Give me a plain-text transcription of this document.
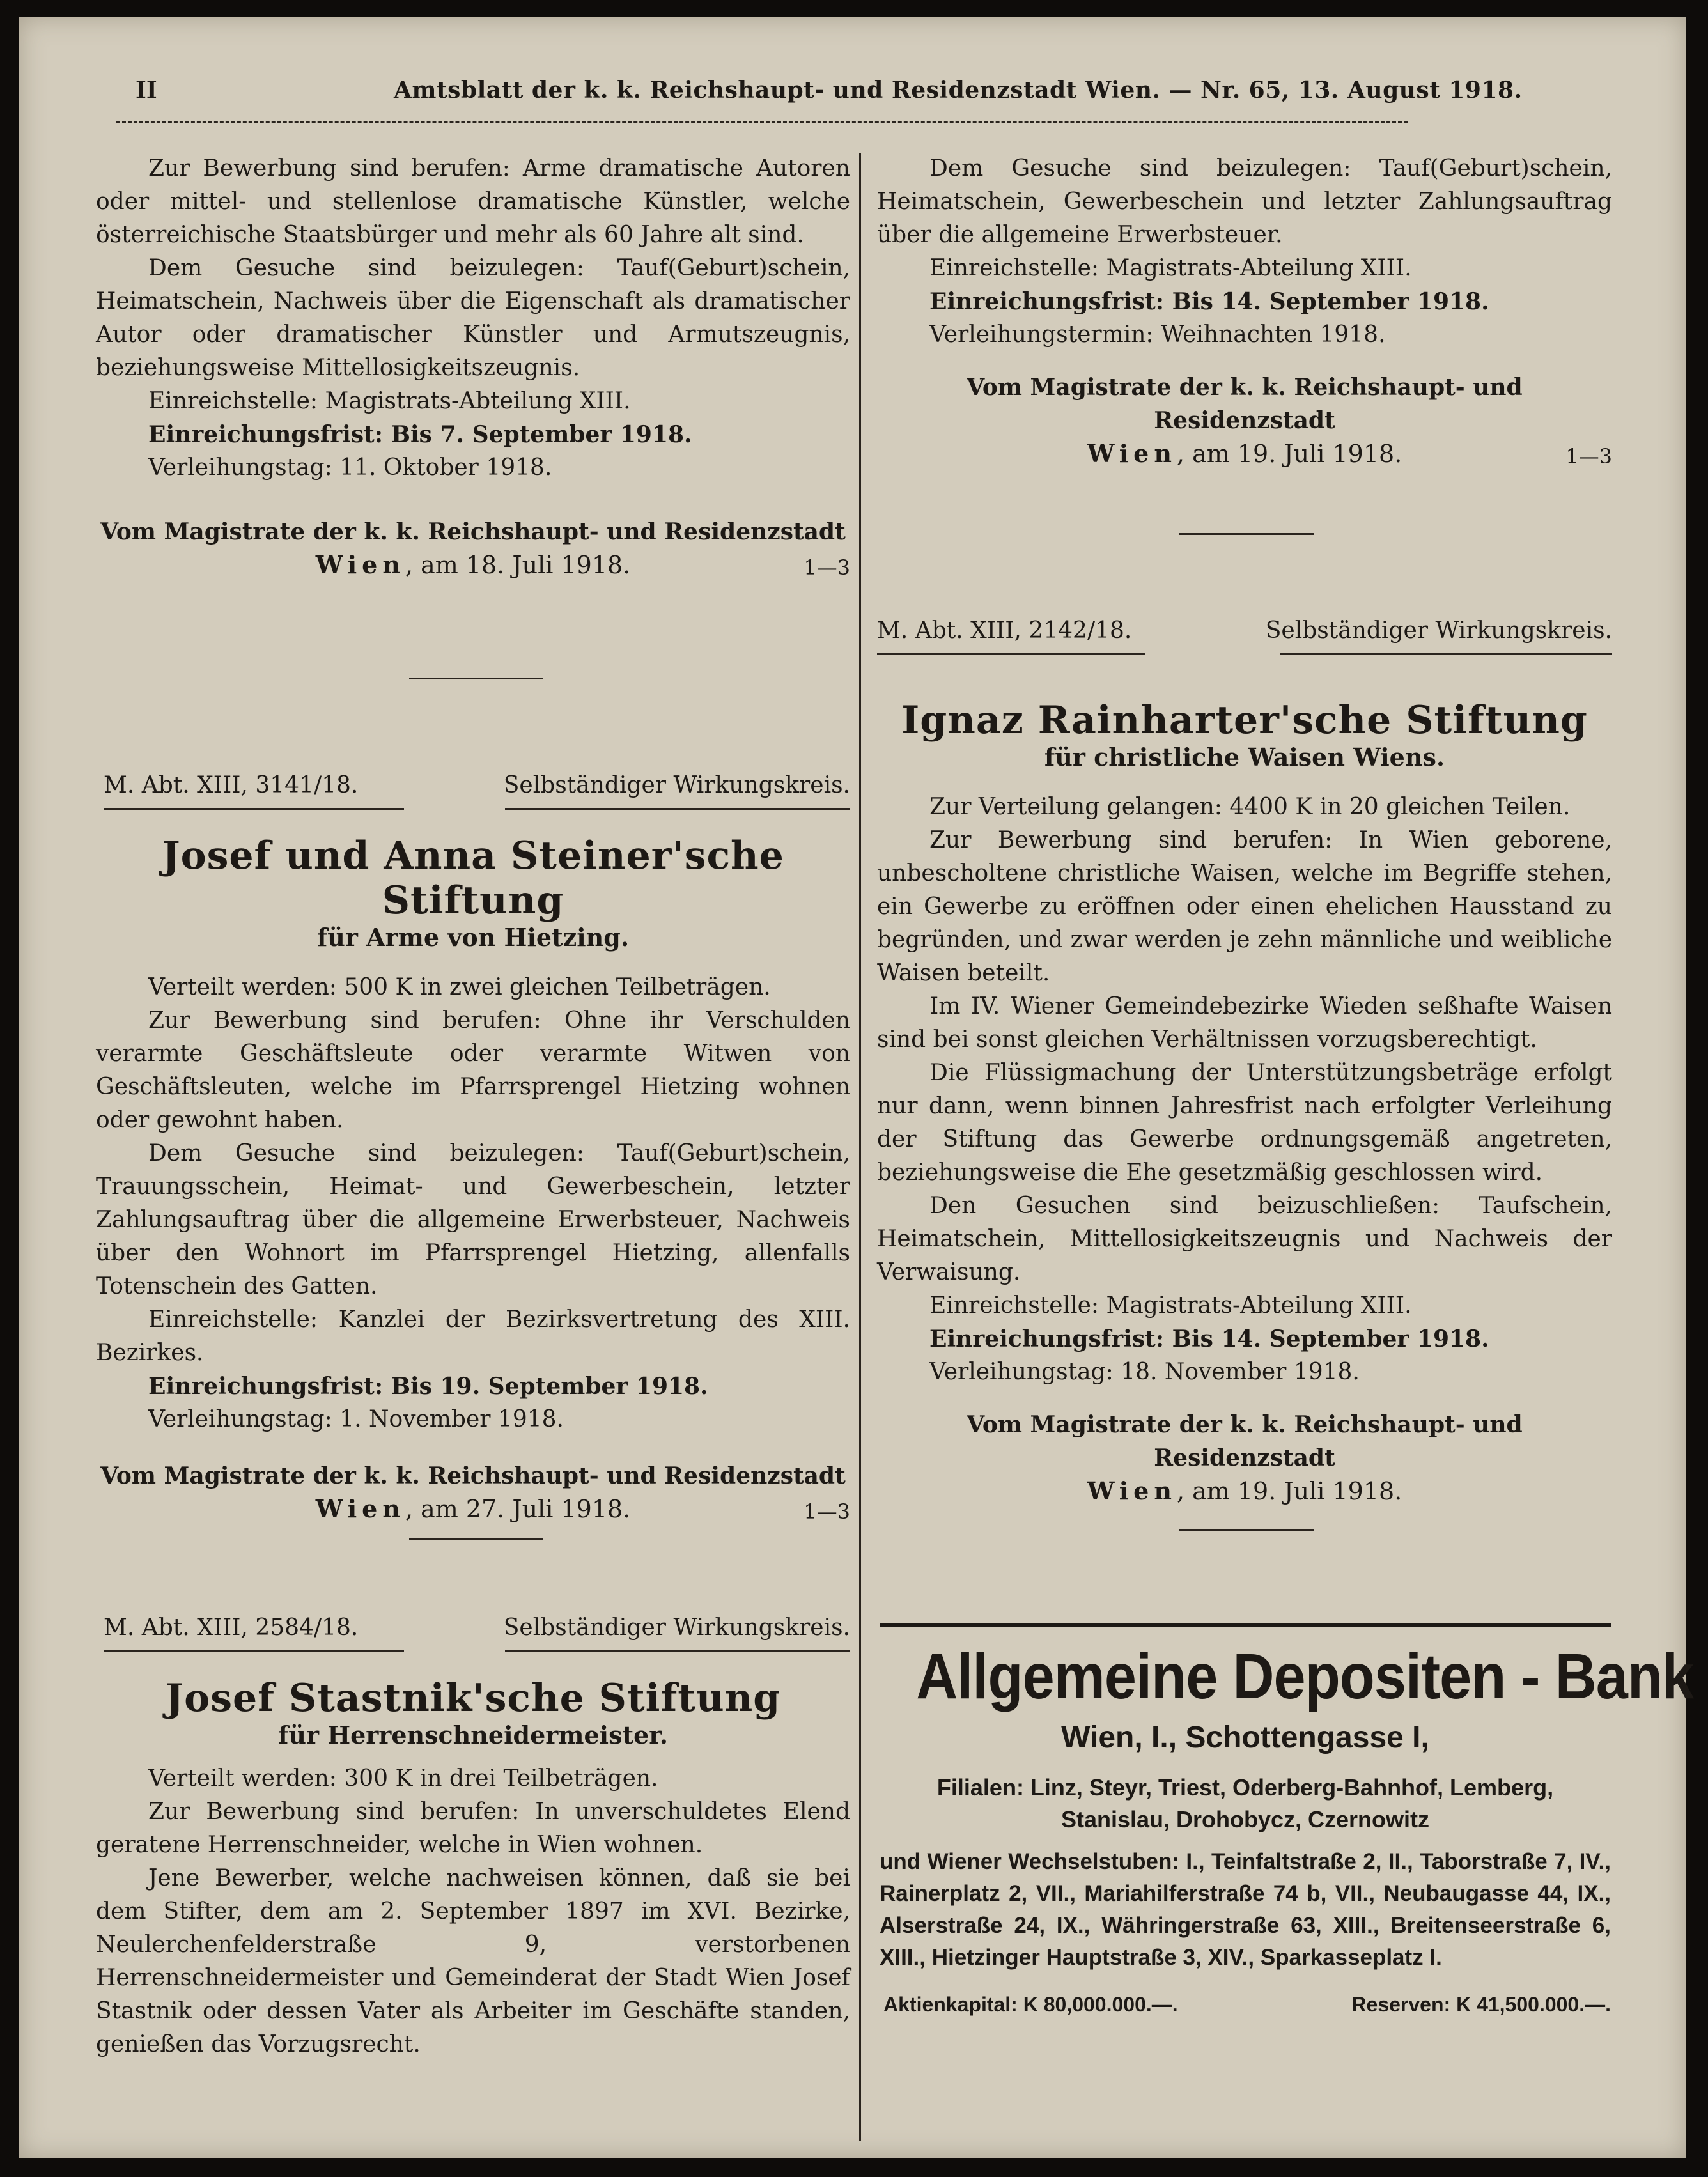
II	Amtsblatt der k. k. Reichshaupt- und Residenzstadt Wien. — Nr. 65, 13. August 1918.

Zur Bewerbung sind berufen: Arme dramatische Autoren oder mittel- und stellenlose dramatische Künstler, welche österreichische Staatsbürger und mehr als 60 Jahre alt sind.

Dem Gesuche sind beizulegen: Tauf(Geburt)schein, Heimatschein, Nachweis über die Eigenschaft als dramatischer Autor oder dramatischer Künstler und Armutszeugnis, beziehungsweise Mittellosigkeitszeugnis.

Einreichstelle: Magistrats-Abteilung XIII.

Einreichungsfrist: Bis 7. September 1918.

Verleihungstag: 11. Oktober 1918.

Vom Magistrate der k. k. Reichshaupt- und Residenzstadt

Wien, am 18. Juli 1918.	1—3

Dem Gesuche sind beizulegen: Tauf(Geburt)schein, Heimatschein, Gewerbeschein und letzter Zahlungsauftrag über die allgemeine Erwerbsteuer.

Einreichstelle: Magistrats-Abteilung XIII.

Einreichungsfrist: Bis 14. September 1918.

Verleihungstermin: Weihnachten 1918.

Vom Magistrate der k. k. Reichshaupt- und Residenzstadt

Wien, am 19. Juli 1918.	1—3

M. Abt. XIII, 2142/18.	Selbständiger Wirkungskreis.

Ignaz Rainharter'sche Stiftung

für christliche Waisen Wiens.

Zur Verteilung gelangen: 4400 K in 20 gleichen Teilen.

Zur Bewerbung sind berufen: In Wien geborene, unbescholtene christliche Waisen, welche im Begriffe stehen, ein Gewerbe zu eröffnen oder einen ehelichen Hausstand zu begründen, und zwar werden je zehn männliche und weibliche Waisen beteilt.

Im IV. Wiener Gemeindebezirke Wieden seßhafte Waisen sind bei sonst gleichen Verhältnissen vorzugsberechtigt.

Die Flüssigmachung der Unterstützungsbeträge erfolgt nur dann, wenn binnen Jahresfrist nach erfolgter Verleihung der Stiftung das Gewerbe ordnungsgemäß angetreten, beziehungsweise die Ehe gesetzmäßig geschlossen wird.

Den Gesuchen sind beizuschließen: Taufschein, Heimatschein, Mittellosigkeitszeugnis und Nachweis der Verwaisung.

Einreichstelle: Magistrats-Abteilung XIII.

Einreichungsfrist: Bis 14. September 1918.

Verleihungstag: 18. November 1918.

Vom Magistrate der k. k. Reichshaupt- und Residenzstadt

Wien, am 19. Juli 1918.

M. Abt. XIII, 3141/18.	Selbständiger Wirkungskreis.

Josef und Anna Steiner'sche Stiftung

für Arme von Hietzing.

Verteilt werden: 500 K in zwei gleichen Teilbeträgen.

Zur Bewerbung sind berufen: Ohne ihr Verschulden verarmte Geschäftsleute oder verarmte Witwen von Geschäftsleuten, welche im Pfarrsprengel Hietzing wohnen oder gewohnt haben.

Dem Gesuche sind beizulegen: Tauf(Geburt)schein, Trauungsschein, Heimat- und Gewerbeschein, letzter Zahlungsauftrag über die allgemeine Erwerbsteuer, Nachweis über den Wohnort im Pfarrsprengel Hietzing, allenfalls Totenschein des Gatten.

Einreichstelle: Kanzlei der Bezirksvertretung des XIII. Bezirkes.

Einreichungsfrist: Bis 19. September 1918.

Verleihungstag: 1. November 1918.

Vom Magistrate der k. k. Reichshaupt- und Residenzstadt

Wien, am 27. Juli 1918.	1—3

M. Abt. XIII, 2584/18.	Selbständiger Wirkungskreis.

Josef Stastnik'sche Stiftung

für Herrenschneidermeister.

Verteilt werden: 300 K in drei Teilbeträgen.

Zur Bewerbung sind berufen: In unverschuldetes Elend geratene Herrenschneider, welche in Wien wohnen.

Jene Bewerber, welche nachweisen können, daß sie bei dem Stifter, dem am 2. September 1897 im XVI. Bezirke, Neulerchenfelderstraße 9, verstorbenen Herrenschneidermeister und Gemeinderat der Stadt Wien Josef Stastnik oder dessen Vater als Arbeiter im Geschäfte standen, genießen das Vorzugsrecht.

Allgemeine Depositen - Bank

Wien, I., Schottengasse I,

Filialen: Linz, Steyr, Triest, Oderberg-Bahnhof, Lemberg, Stanislau, Drohobycz, Czernowitz

und Wiener Wechselstuben: I., Teinfaltstraße 2, II., Taborstraße 7, IV., Rainerplatz 2, VII., Mariahilferstraße 74 b, VII., Neubaugasse 44, IX., Alserstraße 24, IX., Währingerstraße 63, XIII., Breitenseerstraße 6, XIII., Hietzinger Hauptstraße 3, XIV., Sparkasseplatz I.

Aktienkapital: K 80,000.000.—.	Reserven: K 41,500.000.—.
